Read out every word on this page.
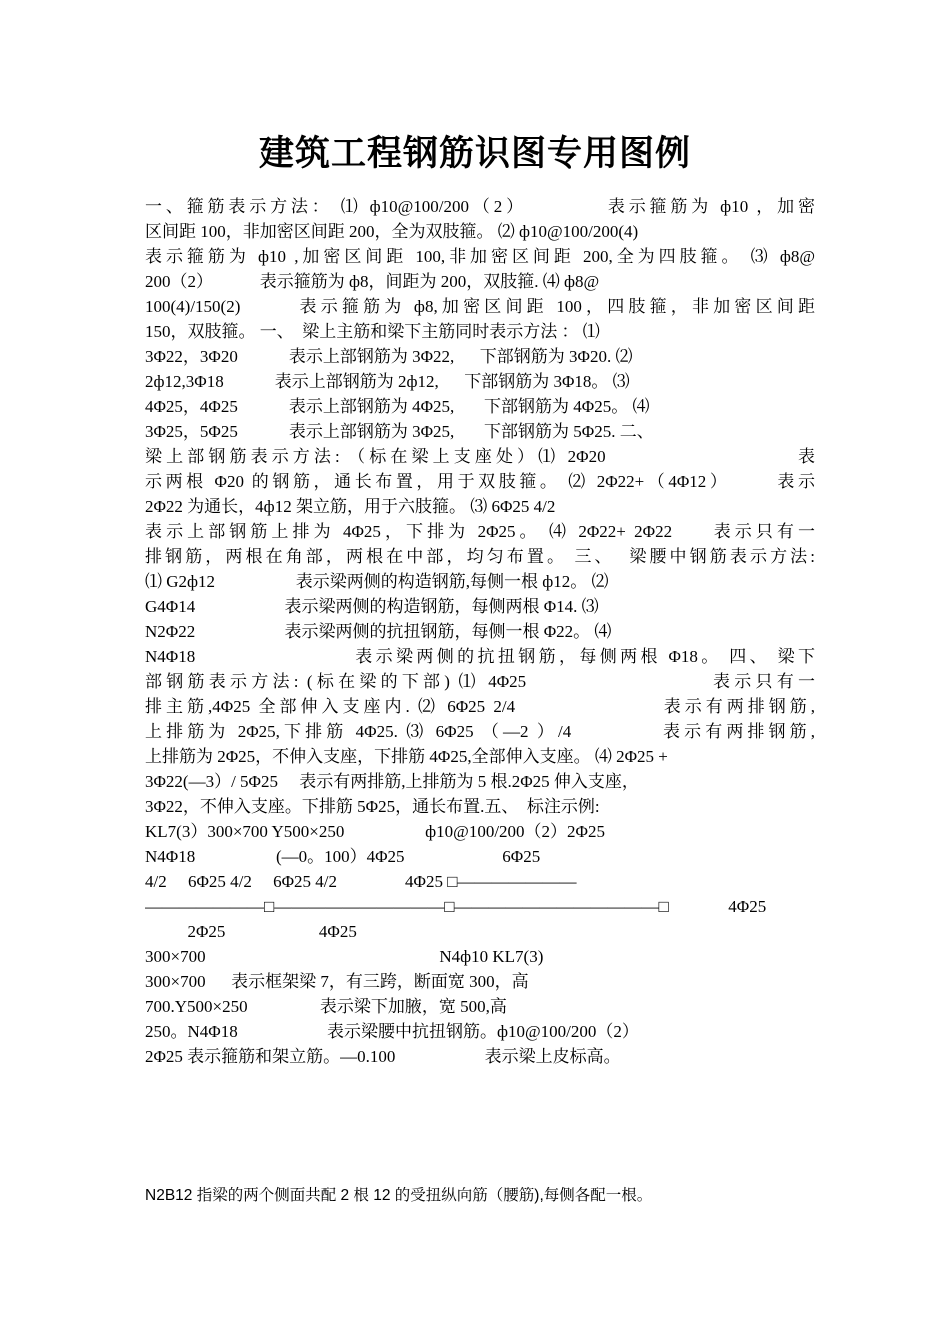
建筑工程钢筋识图专用图例
一、箍筋表示方法： ⑴ ф10@100/200（2）          表示箍筋为 ф10 ，加密
区间距 100，非加密区间距 200，全为双肢箍。 ⑵ ф10@100/200(4)
表示箍筋为 ф10 ,加密区间距 100,非加密区间距 200,全为四肢箍。 ⑶ ф8@
200（2）           表示箍筋为 ф8，间距为 200，双肢箍. ⑷ ф8@
100(4)/150(2)       表示箍筋为 ф8,加密区间距 100，四肢箍，非加密区间距
150，双肢箍。 一、  梁上主筋和梁下主筋同时表示方法 ： ⑴
3Φ22，3Φ20            表示上部钢筋为 3Φ22,      下部钢筋为 3Φ20. ⑵
2ф12,3Φ18            表示上部钢筋为 2ф12,      下部钢筋为 3Φ18。 ⑶
4Φ25，4Φ25            表示上部钢筋为 4Φ25,       下部钢筋为 4Φ25。 ⑷
3Φ25，5Φ25            表示上部钢筋为 3Φ25,       下部钢筋为 5Φ25. 二、
梁上部钢筋表示方法: （标在梁上支座处）⑴ 2Φ20                       表
示两根 Φ20 的钢筋，通长布置，用于双肢箍。 ⑵ 2Φ22+（4Φ12）      表示
2Φ22 为通长，4ф12 架立筋，用于六肢箍。 ⑶ 6Φ25 4/2
表示上部钢筋上排为 4Φ25，下排为 2Φ25。 ⑷ 2Φ22+ 2Φ22     表示只有一
排钢筋，两根在角部，两根在中部，均匀布置。 三、  梁腰中钢筋表示方法:
⑴ G2ф12                   表示梁两侧的构造钢筋,每侧一根 ф12。 ⑵
G4Φ14                     表示梁两侧的构造钢筋，每侧两根 Φ14. ⑶
N2Φ22                     表示梁两侧的抗扭钢筋，每侧一根 Φ22。 ⑷
N4Φ18                     表示梁两侧的抗扭钢筋，每侧两根 Φ18。 四、 梁下
部钢筋表示方法: (标在梁的下部) ⑴ 4Φ25                      表示只有一
排主筋,4Φ25 全部伸入支座内. ⑵ 6Φ25 2/4                  表示有两排钢筋,
上排筋为 2Φ25,下排筋 4Φ25. ⑶ 6Φ25 （—2 ）/4           表示有两排钢筋,
上排筋为 2Φ25，不伸入支座，下排筋 4Φ25,全部伸入支座。 ⑷ 2Φ25 +
3Φ22(—3）/ 5Φ25     表示有两排筋,上排筋为 5 根.2Φ25 伸入支座，
3Φ22，不伸入支座。下排筋 5Φ25，通长布置.五、  标注示例:
KL7(3）300×700 Y500×250                   ф10@100/200（2）2Φ25
N4Φ18                   (—0。100）4Φ25                       6Φ25
4/2     6Φ25 4/2     6Φ25 4/2                4Φ25 □———————
———————□——————————□————————————□              4Φ25
2Φ25                      4Φ25
300×700                                                       N4ф10 KL7(3)
300×700      表示框架梁 7，有三跨，断面宽 300，高
700.Y500×250                 表示梁下加腋，宽 500,高
250。N4Φ18                     表示梁腰中抗扭钢筋。ф10@100/200（2）
2Φ25 表示箍筋和架立筋。—0.100                     表示梁上皮标高。

N2B12 指梁的两个侧面共配 2 根 12 的受扭纵向筋（腰筋),每侧各配一根。
